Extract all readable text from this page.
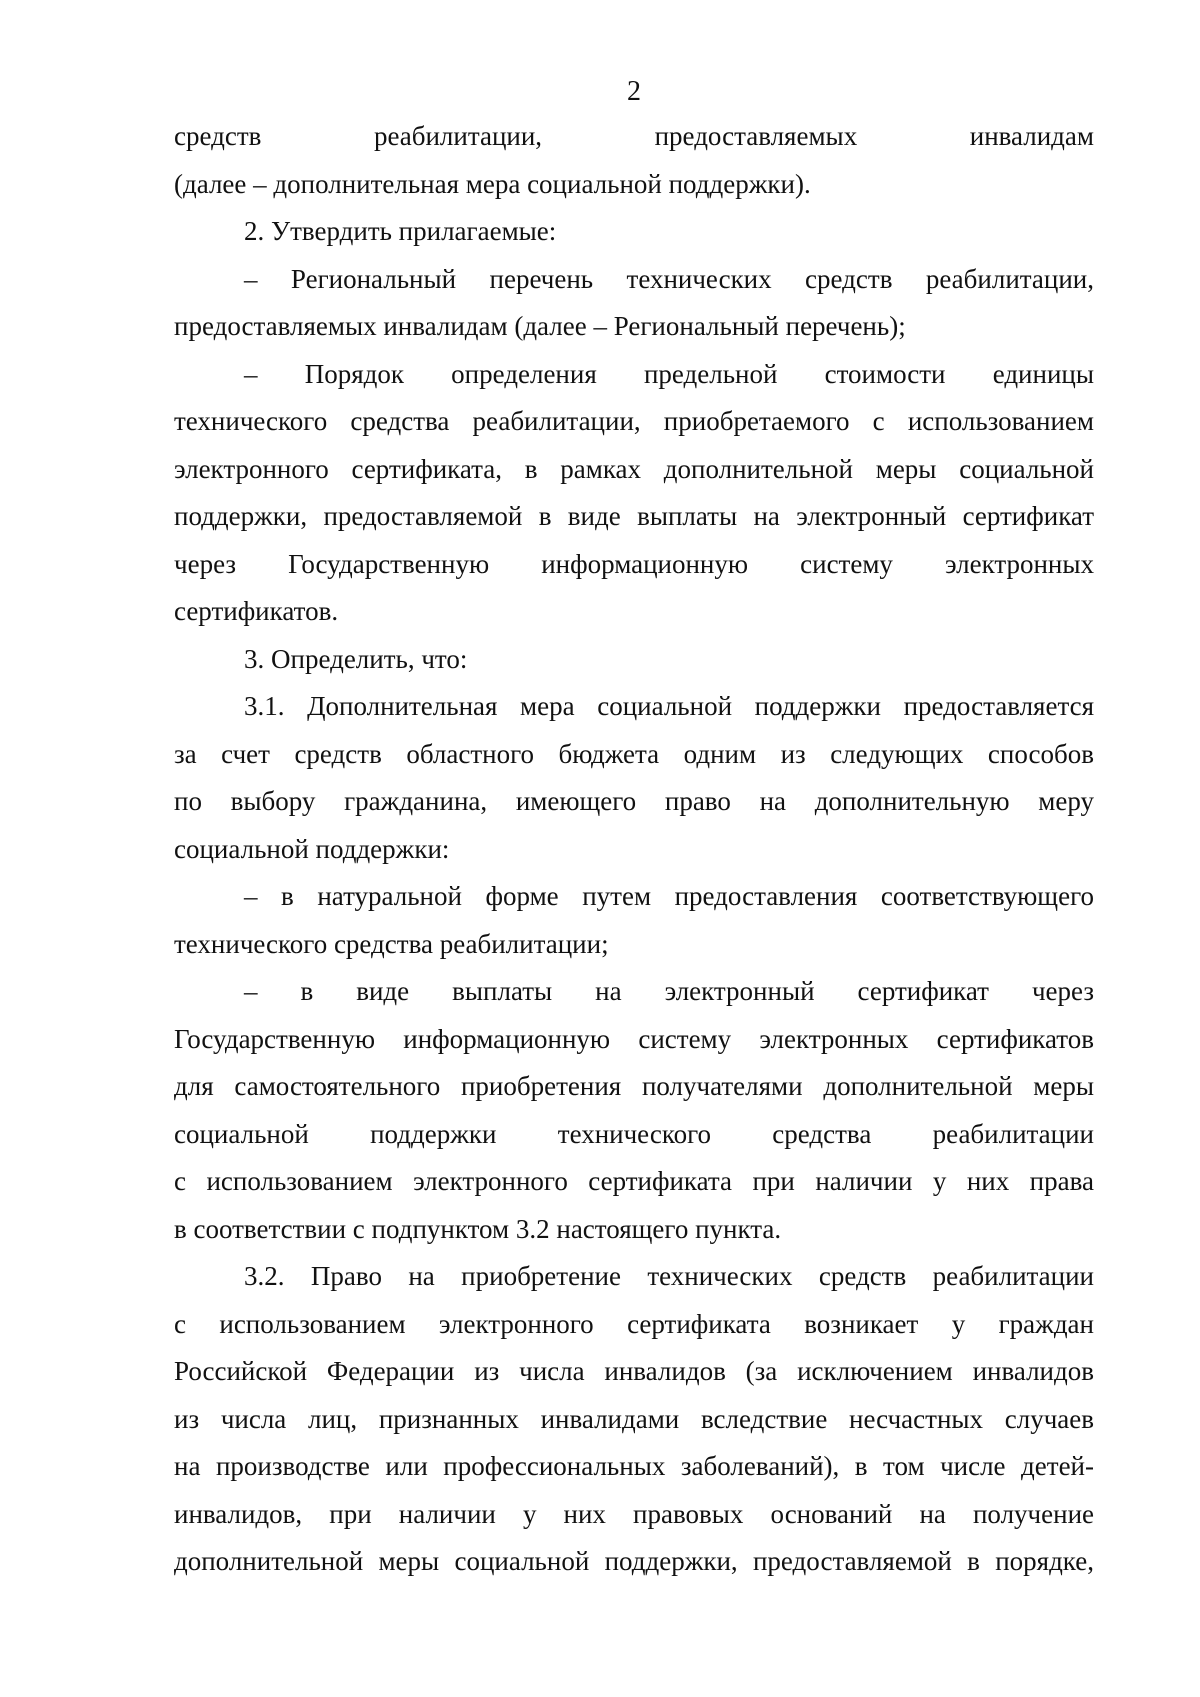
2
средств реабилитации, предоставляемых инвалидам
(далее – дополнительная мера социальной поддержки).
2. Утвердить прилагаемые:
– Региональный перечень технических средств реабилитации,
предоставляемых инвалидам (далее – Региональный перечень);
– Порядок определения предельной стоимости единицы
технического средства реабилитации, приобретаемого с использованием
электронного сертификата, в рамках дополнительной меры социальной
поддержки, предоставляемой в виде выплаты на электронный сертификат
через Государственную информационную систему электронных
сертификатов.
3. Определить, что:
3.1. Дополнительная мера социальной поддержки предоставляется
за счет средств областного бюджета одним из следующих способов
по выбору гражданина, имеющего право на дополнительную меру
социальной поддержки:
– в натуральной форме путем предоставления соответствующего
технического средства реабилитации;
– в виде выплаты на электронный сертификат через
Государственную информационную систему электронных сертификатов
для самостоятельного приобретения получателями дополнительной меры
социальной поддержки технического средства реабилитации
с использованием электронного сертификата при наличии у них права
в соответствии с подпунктом 3.2 настоящего пункта.
3.2. Право на приобретение технических средств реабилитации
с использованием электронного сертификата возникает у граждан
Российской Федерации из числа инвалидов (за исключением инвалидов
из числа лиц, признанных инвалидами вследствие несчастных случаев
на производстве или профессиональных заболеваний), в том числе детей-
инвалидов, при наличии у них правовых оснований на получение
дополнительной меры социальной поддержки, предоставляемой в порядке,
